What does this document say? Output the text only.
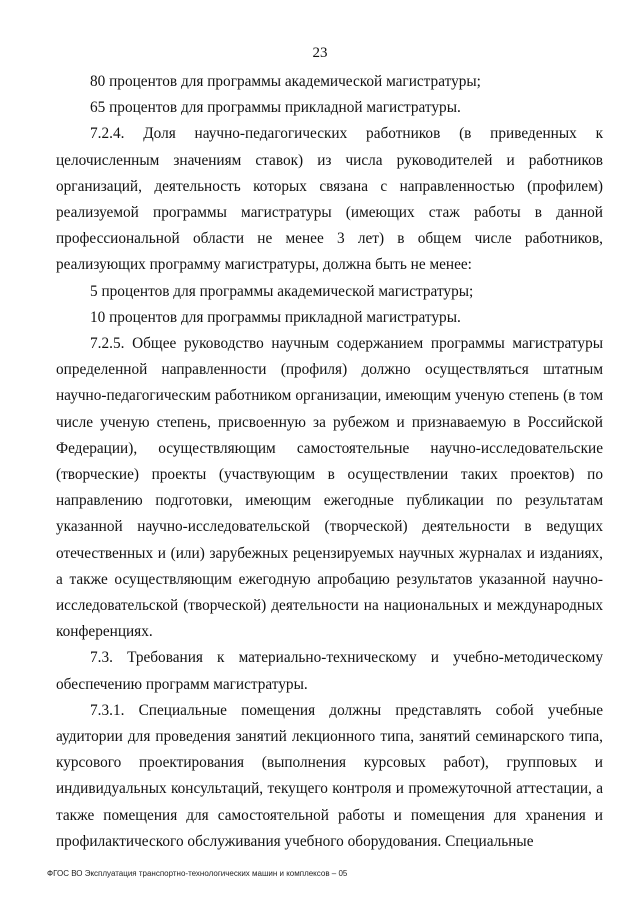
23

80 процентов для программы академической магистратуры;

65 процентов для программы прикладной магистратуры.

7.2.4. Доля научно-педагогических работников (в приведенных к целочисленным значениям ставок) из числа руководителей и работников организаций, деятельность которых связана с направленностью (профилем) реализуемой программы магистратуры (имеющих стаж работы в данной профессиональной области не менее 3 лет) в общем числе работников, реализующих программу магистратуры, должна быть не менее:

5 процентов для программы академической магистратуры;

10 процентов для программы прикладной магистратуры.

7.2.5. Общее руководство научным содержанием программы магистратуры определенной направленности (профиля) должно осуществляться штатным научно-педагогическим работником организации, имеющим ученую степень (в том числе ученую степень, присвоенную за рубежом и признаваемую в Российской Федерации), осуществляющим самостоятельные научно-исследовательские (творческие) проекты (участвующим в осуществлении таких проектов) по направлению подготовки, имеющим ежегодные публикации по результатам указанной научно-исследовательской (творческой) деятельности в ведущих отечественных и (или) зарубежных рецензируемых научных журналах и изданиях, а также осуществляющим ежегодную апробацию результатов указанной научно-исследовательской (творческой) деятельности на национальных и международных конференциях.

7.3. Требования к материально-техническому и учебно-методическому обеспечению программ магистратуры.

7.3.1. Специальные помещения должны представлять собой учебные аудитории для проведения занятий лекционного типа, занятий семинарского типа, курсового проектирования (выполнения курсовых работ), групповых и индивидуальных консультаций, текущего контроля и промежуточной аттестации, а также помещения для самостоятельной работы и помещения для хранения и профилактического обслуживания учебного оборудования. Специальные

ФГОС ВО Эксплуатация транспортно-технологических машин и комплексов – 05
